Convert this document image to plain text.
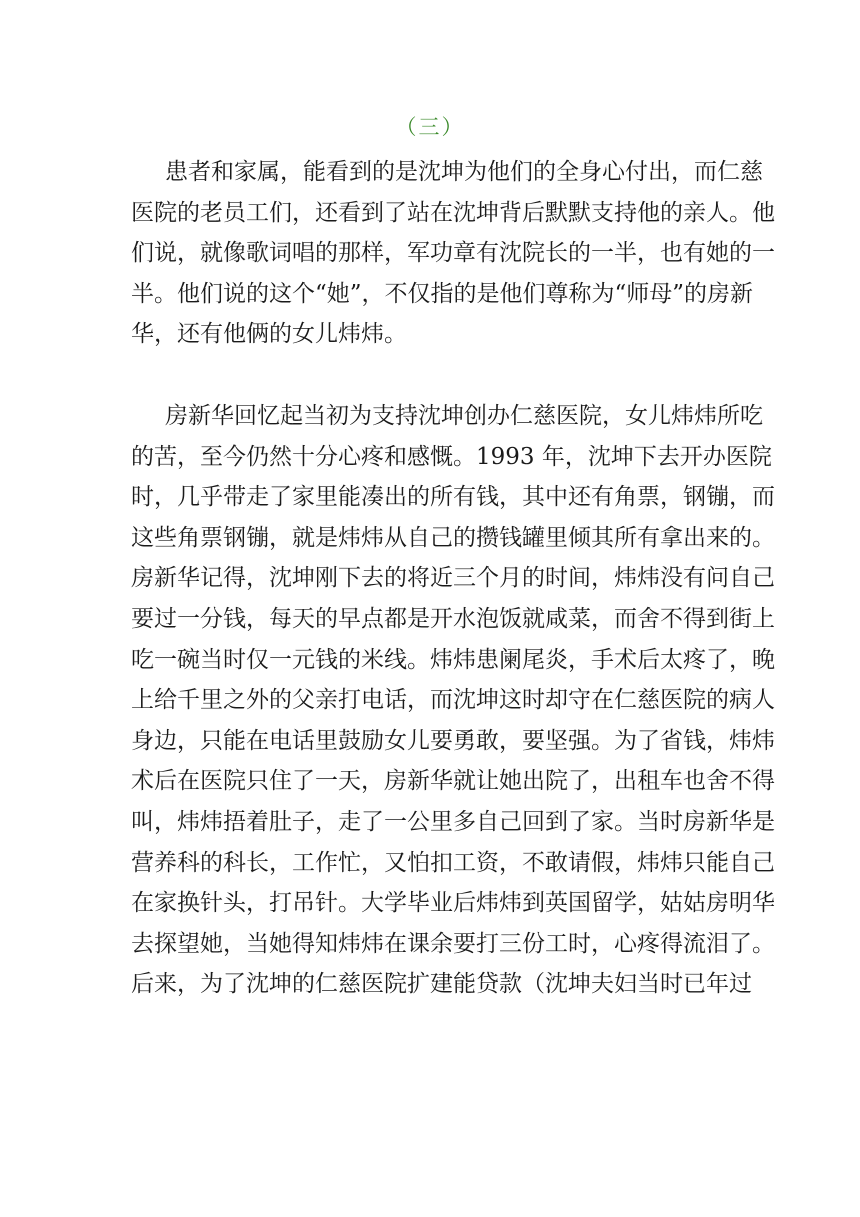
（三）

患者和家属，能看到的是沈坤为他们的全身心付出，而仁慈
医院的老员工们，还看到了站在沈坤背后默默支持他的亲人。他
们说，就像歌词唱的那样，军功章有沈院长的一半，也有她的一
半。他们说的这个“她”，不仅指的是他们尊称为“师母”的房新
华，还有他俩的女儿炜炜。

房新华回忆起当初为支持沈坤创办仁慈医院，女儿炜炜所吃
的苦，至今仍然十分心疼和感慨。1993 年，沈坤下去开办医院
时，几乎带走了家里能凑出的所有钱，其中还有角票，钢镚，而
这些角票钢镚，就是炜炜从自己的攒钱罐里倾其所有拿出来的。
房新华记得，沈坤刚下去的将近三个月的时间，炜炜没有问自己
要过一分钱，每天的早点都是开水泡饭就咸菜，而舍不得到街上
吃一碗当时仅一元钱的米线。炜炜患阑尾炎，手术后太疼了，晚
上给千里之外的父亲打电话，而沈坤这时却守在仁慈医院的病人
身边，只能在电话里鼓励女儿要勇敢，要坚强。为了省钱，炜炜
术后在医院只住了一天，房新华就让她出院了，出租车也舍不得
叫，炜炜捂着肚子，走了一公里多自己回到了家。当时房新华是
营养科的科长，工作忙，又怕扣工资，不敢请假，炜炜只能自己
在家换针头，打吊针。大学毕业后炜炜到英国留学，姑姑房明华
去探望她，当她得知炜炜在课余要打三份工时，心疼得流泪了。
后来，为了沈坤的仁慈医院扩建能贷款（沈坤夫妇当时已年过
